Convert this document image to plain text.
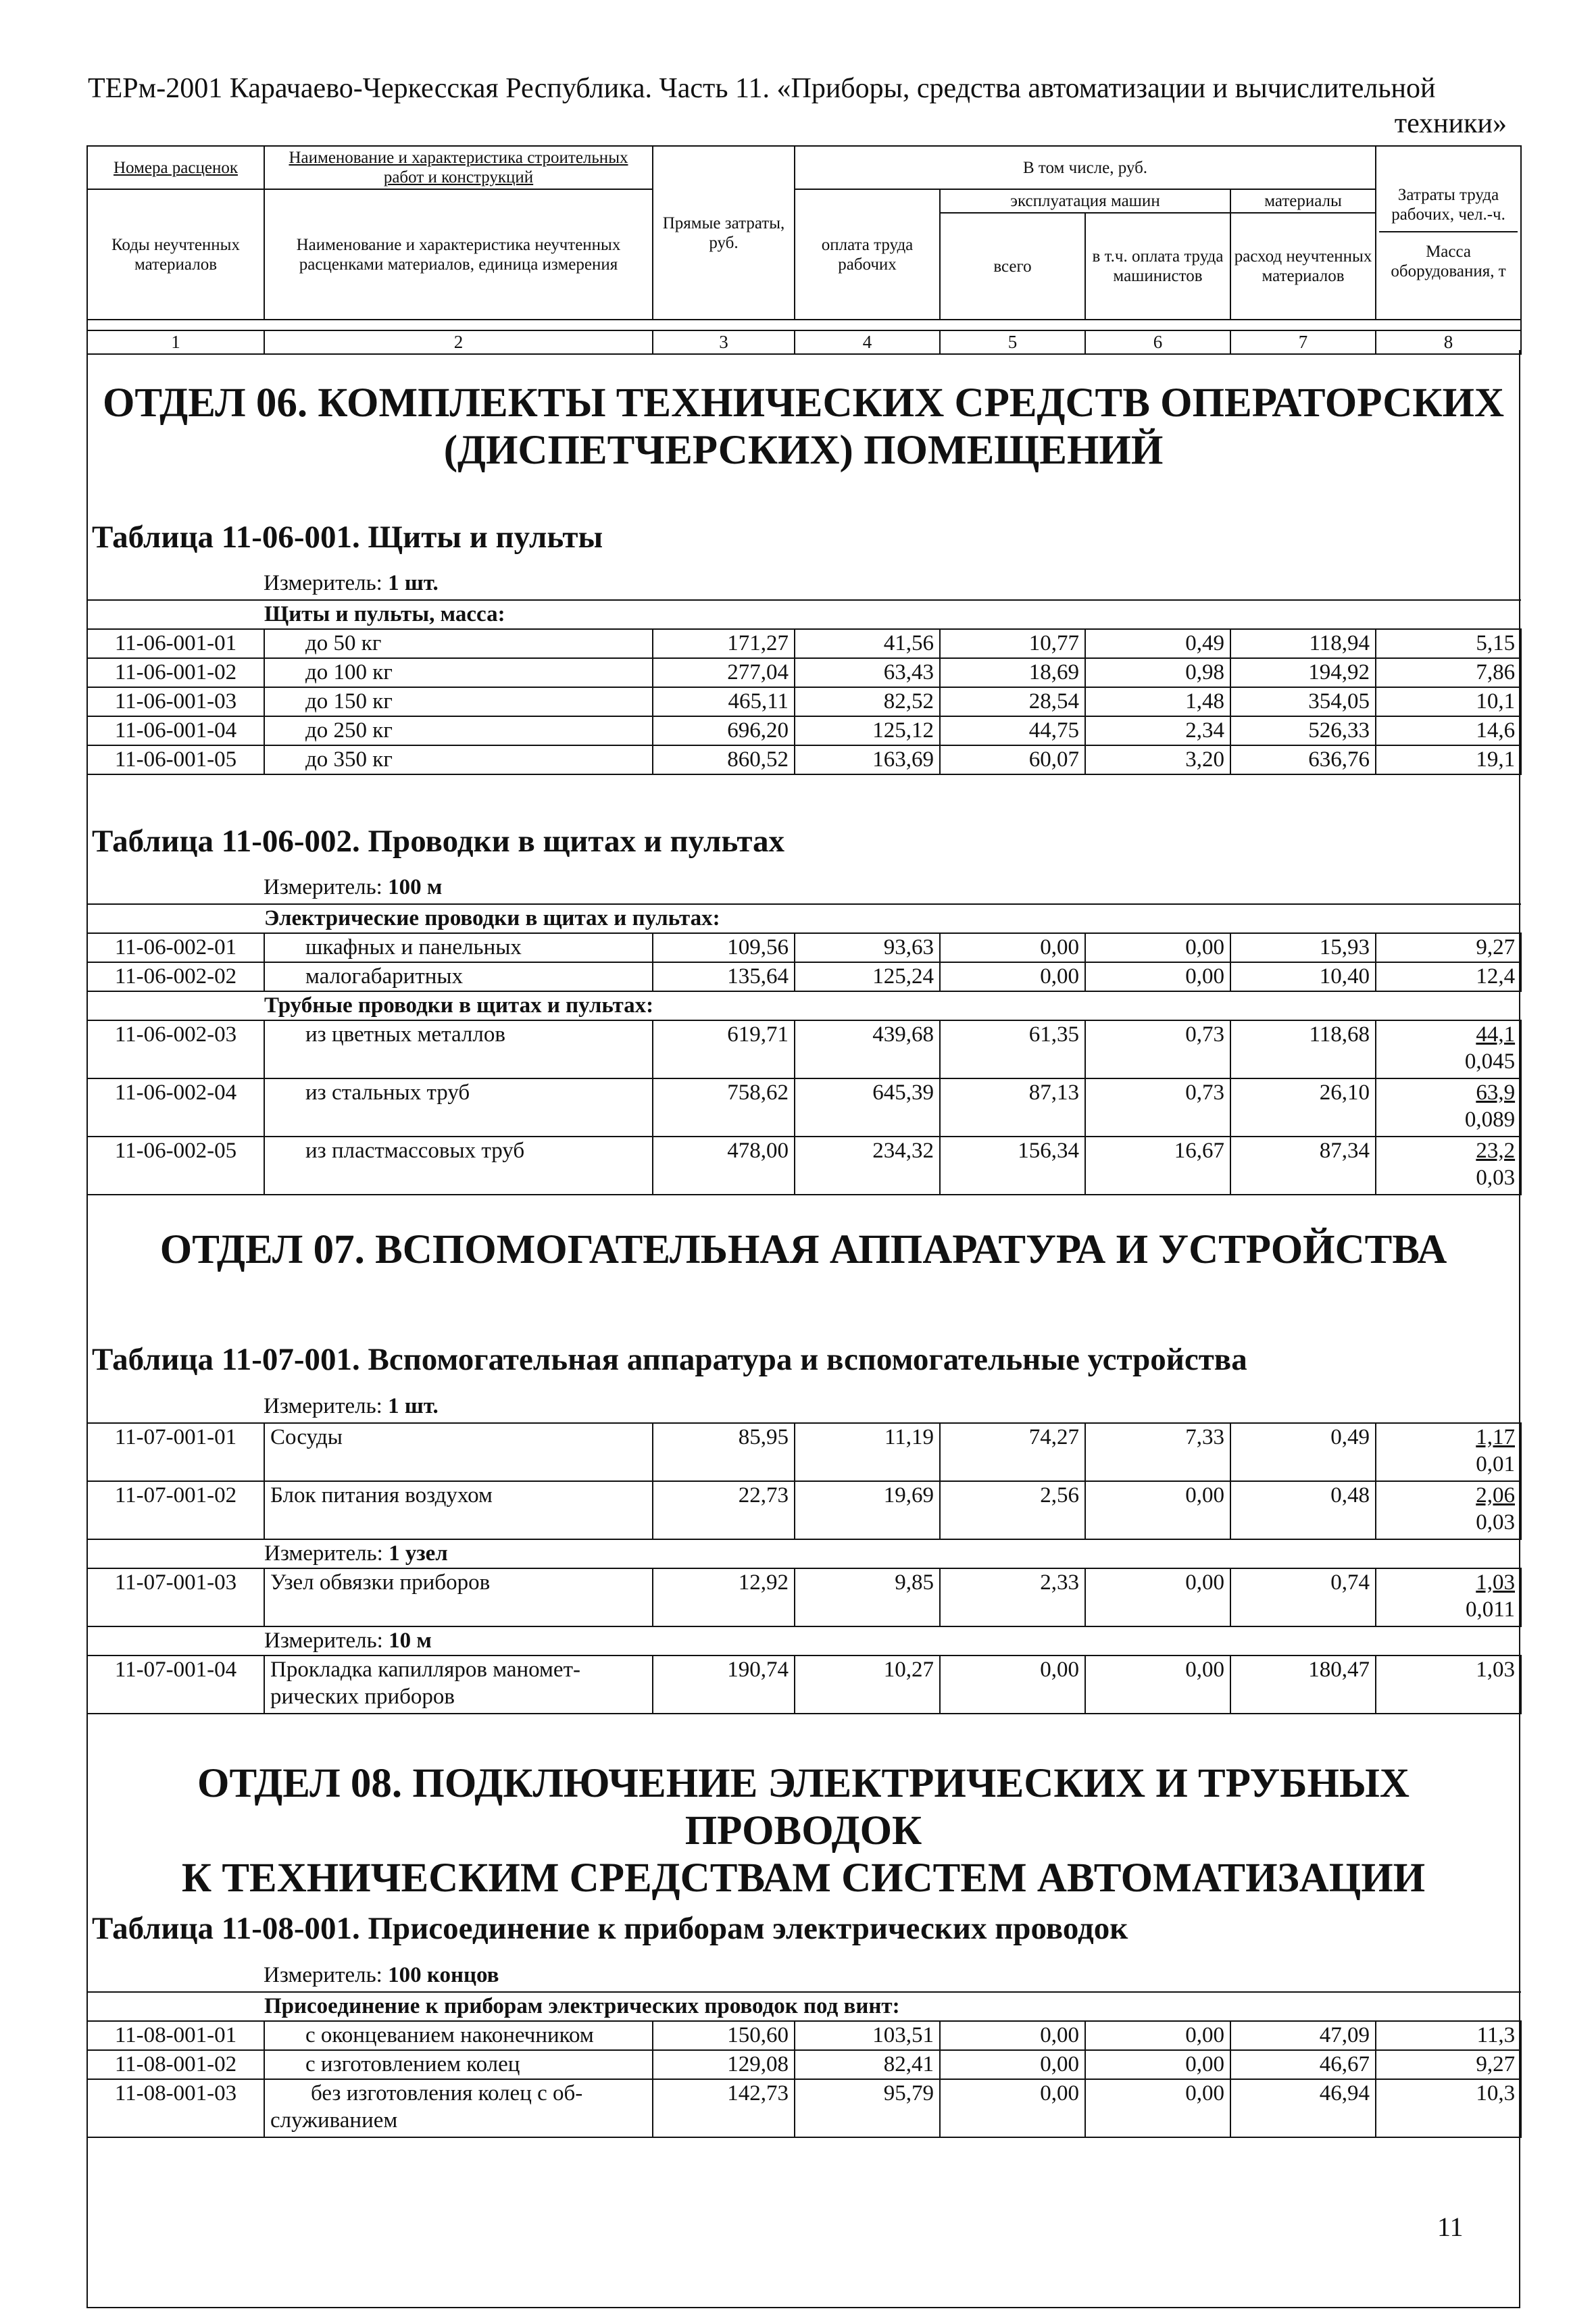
ТЕРм-2001 Карачаево-Черкесская Республика. Часть 11. «Приборы, средства автоматизации и вычислительной
техники»
Номера расценок	Наименование и характеристика строительных работ и конструкций	Прямые затраты, руб.	В том числе, руб.				Затраты труда рабочих, чел.-ч.
Масса оборудования, т

Коды неучтенных материалов	Наименование и характеристика неучтенных расценками материалов, единица измерения		оплата труда рабочих	эксплуатация машин		материалы	
				всего	в т.ч. оплата труда машинистов	расход неучтенных материалов	

1	2	3	4	5	6	7	8
ОТДЕЛ 06. КОМПЛЕКТЫ ТЕХНИЧЕСКИХ СРЕДСТВ ОПЕРАТОРСКИХ
(ДИСПЕТЧЕРСКИХ) ПОМЕЩЕНИЙ
Таблица 11-06-001. Щиты и пульты
Измеритель: 1 шт.
Щиты и пульты, масса:							
11-06-001-01	до 50 кг	171,27	41,56	10,77	0,49	118,94	5,15
11-06-001-02	до 100 кг	277,04	63,43	18,69	0,98	194,92	7,86
11-06-001-03	до 150 кг	465,11	82,52	28,54	1,48	354,05	10,1
11-06-001-04	до 250 кг	696,20	125,12	44,75	2,34	526,33	14,6
11-06-001-05	до 350 кг	860,52	163,69	60,07	3,20	636,76	19,1
Таблица 11-06-002. Проводки в щитах и пультах
Измеритель: 100 м
Электрические проводки в щитах и пультах:							
11-06-002-01	шкафных и панельных	109,56	93,63	0,00	0,00	15,93	9,27
11-06-002-02	малогабаритных	135,64	125,24	0,00	0,00	10,40	12,4
Трубные проводки в щитах и пультах:							
11-06-002-03	из цветных металлов	619,71	439,68	61,35	0,73	118,68	44,1
0,045

11-06-002-04	из стальных труб	758,62	645,39	87,13	0,73	26,10	63,9
0,089

11-06-002-05	из пластмассовых труб	478,00	234,32	156,34	16,67	87,34	23,2
0,03
ОТДЕЛ 07. ВСПОМОГАТЕЛЬНАЯ АППАРАТУРА И УСТРОЙСТВА
Таблица 11-07-001. Вспомогательная аппаратура и вспомогательные устройства
Измеритель: 1 шт.
11-07-001-01	Сосуды	85,95	11,19	74,27	7,33	0,49	1,17
0,01

11-07-001-02	Блок питания воздухом	22,73	19,69	2,56	0,00	0,48	2,06
0,03

Измеритель: 1 узел							
11-07-001-03	Узел обвязки приборов	12,92	9,85	2,33	0,00	0,74	1,03
0,011

Измеритель: 10 м							
11-07-001-04	Прокладка капилляров маномет-
рических приборов	190,74	10,27	0,00	0,00	180,47	1,03
ОТДЕЛ 08. ПОДКЛЮЧЕНИЕ ЭЛЕКТРИЧЕСКИХ И ТРУБНЫХ ПРОВОДОК
К ТЕХНИЧЕСКИМ СРЕДСТВАМ СИСТЕМ АВТОМАТИЗАЦИИ
Таблица 11-08-001. Присоединение к приборам электрических проводок
Измеритель: 100 концов
Присоединение к приборам электрических проводок под винт:							
11-08-001-01	с оконцеванием наконечником	150,60	103,51	0,00	0,00	47,09	11,3
11-08-001-02	с изготовлением колец	129,08	82,41	0,00	0,00	46,67	9,27
11-08-001-03	без изготовления колец с об-
служиванием	142,73	95,79	0,00	0,00	46,94	10,3
11
